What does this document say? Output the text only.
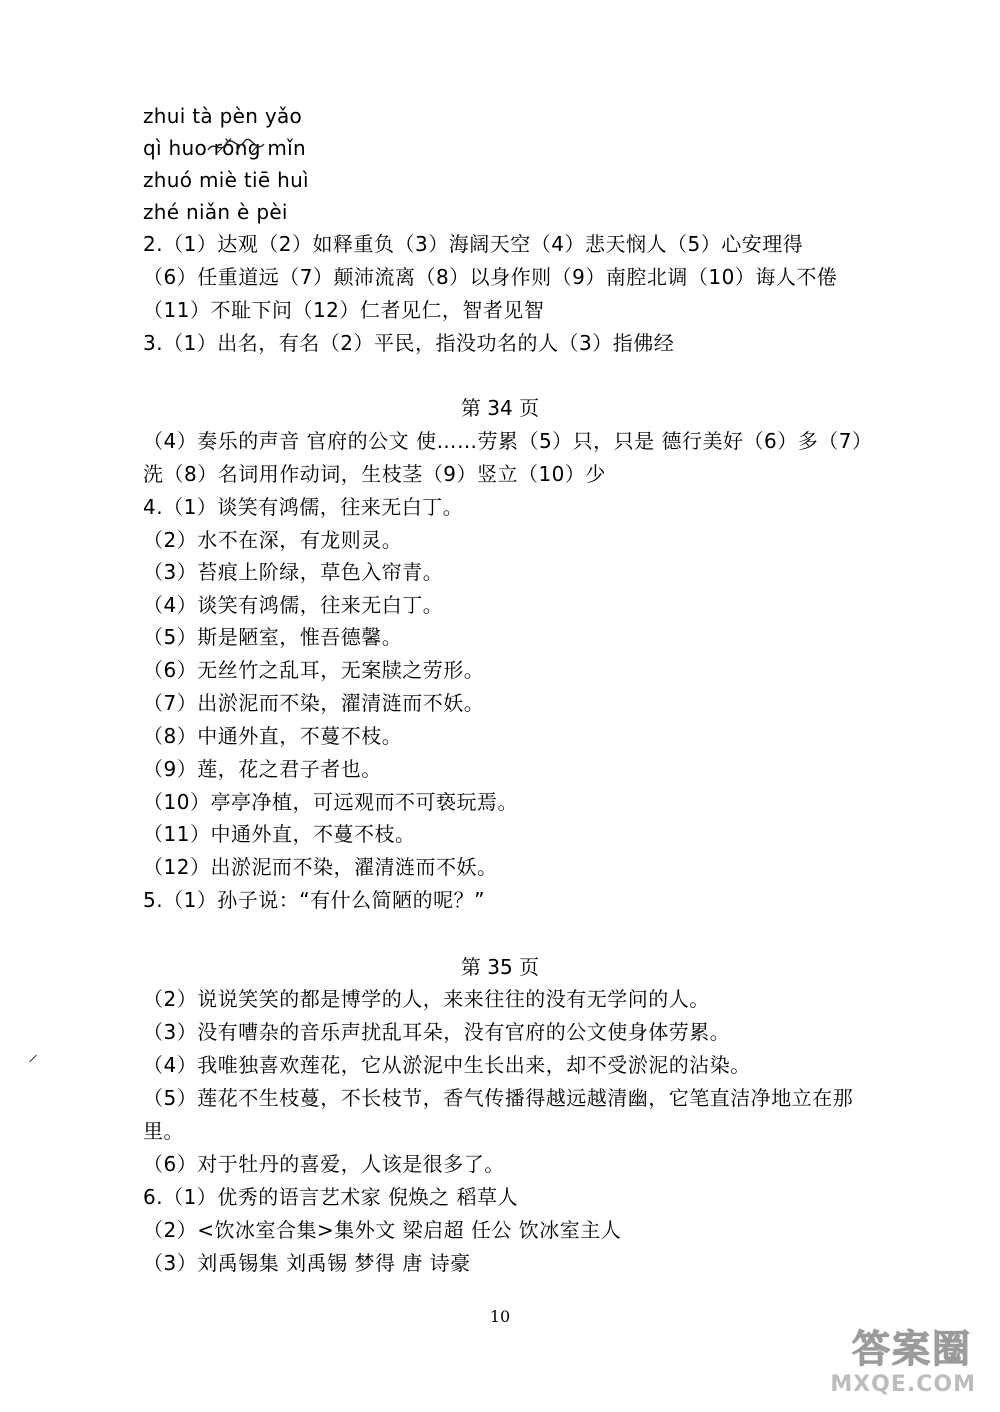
zhui tà pèn yǎo
qì huo rǒng mǐn
zhuó miè tiē huì
zhé niǎn è pèi
2.（1）达观（2）如释重负（3）海阔天空（4）悲天悯人（5）心安理得
（6）任重道远（7）颠沛流离（8）以身作则（9）南腔北调（10）诲人不倦
（11）不耻下问（12）仁者见仁，智者见智
3.（1）出名，有名（2）平民，指没功名的人（3）指佛经
第 34 页
（4）奏乐的声音 官府的公文 使……劳累（5）只，只是 德行美好（6）多（7）
洗（8）名词用作动词，生枝茎（9）竖立（10）少
4.（1）谈笑有鸿儒，往来无白丁。
（2）水不在深，有龙则灵。
（3）苔痕上阶绿，草色入帘青。
（4）谈笑有鸿儒，往来无白丁。
（5）斯是陋室，惟吾德馨。
（6）无丝竹之乱耳，无案牍之劳形。
（7）出淤泥而不染，濯清涟而不妖。
（8）中通外直，不蔓不枝。
（9）莲，花之君子者也。
（10）亭亭净植，可远观而不可亵玩焉。
（11）中通外直，不蔓不枝。
（12）出淤泥而不染，濯清涟而不妖。
5.（1）孙子说：“有什么简陋的呢？”
第 35 页
（2）说说笑笑的都是博学的人，来来往往的没有无学问的人。
（3）没有嘈杂的音乐声扰乱耳朵，没有官府的公文使身体劳累。
（4）我唯独喜欢莲花，它从淤泥中生长出来，却不受淤泥的沾染。
（5）莲花不生枝蔓，不长枝节，香气传播得越远越清幽，它笔直洁净地立在那
里。
（6）对于牡丹的喜爱，人该是很多了。
6.（1）优秀的语言艺术家 倪焕之 稻草人
（2）<饮冰室合集>集外文 梁启超 任公 饮冰室主人
（3）刘禹锡集 刘禹锡 梦得 唐 诗豪
10
答案圈
MXQE.COM
